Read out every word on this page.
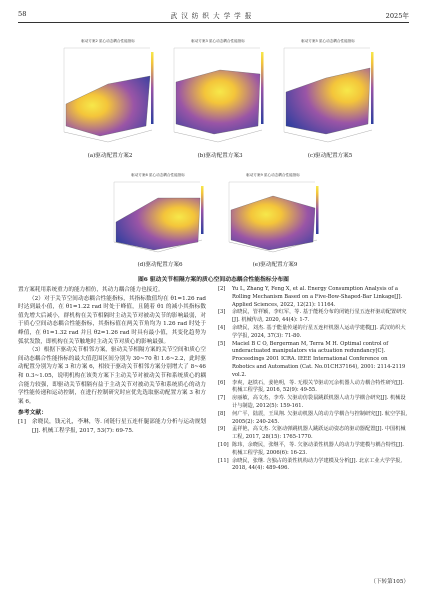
58	武汉纺织大学学报	2025年
驱动方案2 质心动态耦合性能指标	驱动方案3 质心动态耦合性能指标	驱动方案5 质心动态耦合性能指标
驱动方案6 质心动态耦合性能指标	驱动方案9 质心动态耦合性能指标
(a)驱动配置方案2	(b)驱动配置方案3	(c)驱动配置方案5
(d)驱动配置方案6	(e)驱动配置方案9
图6 驱动关节相隔方案的质心空间动态耦合性能指标分布图

置方案耗用系统重力的能力相仿，其动力耦合能力也接近。

（2）对于关节空间动态耦合性能指标，其指标数值均在 θ1=1.26 rad 时达到最小值，在 θ1=1.22 rad 时处于峰值，且随着 θ1 的减小其指标数值先增大后减小，群机构在关节相隔时主动关节对被动关节的影响最弱，对于质心空间动态耦合性能指标，其指标值在两关节角均为 1.26 rad 时处于峰值，在 θ1=1.32 rad 并且 θ2=1.26 rad 时具有最小值，其变化趋势为弧状发散，即机构在关节触地时主动关节对质心的影响最强。

（3）根据下驱动关节相邻方案，驱动关节相隔方案的关节空间和质心空间动态耦合性能指标的最大值范围区间分别为 30~70 和 1.6~2.2，此时驱动配置分别为方案 3 和方案 6，相较于驱动关节相邻方案分别增大了 8~46 和 0.3~1.05，说明机构在该类方案下主动关节对被动关节和系统质心的耦合能力较强，即驱动关节相隔有益于主动关节对被动关节和系统质心的动力学性能传递和运动控制，在进行控制研究时应优先选取驱动配置方案 3 和方案 6。

参考文献：
[1]	余晓民，钱元礼，李琳，等. 闭链行星五连杆腿部能力分析与运动规划[J]. 机械工程学报, 2017, 53(7): 69-75.
[2]	Yu L, Zhang Y, Feng X, et al. Energy Consumption Analysis of a Rolling Mechanism Based on a Five-Bow-Shaped-Bar Linkage[J]. Applied Sciences, 2022, 12(21): 11164.
[3]	余晓民，管祥颖，李红军，等. 基于能耗分布的闭链行星五连杆驱动配置研究[J]. 机械传动, 2020, 44(4): 1-7.
[4]	余晓民，刘杰. 基于能量传递的行星五连杆机器人运动学建模[J]. 武汉纺织大学学报, 2024, 37(3): 71-80.
[5]	Maciel B C O, Bergerman M, Terra M H. Optimal control of underactuated manipulators via actuation redundancy[C]. Proceedings 2001 ICRA. IEEE International Conference on Robotics and Automation (Cat. No.01CH37164), 2001: 2114-2119 vol.2.
[6]	李爽，赵铁石，姜艳明，等. 无根关节驱动冗余机器人动力耦合特性研究[J]. 机械工程学报, 2016, 52(9): 49-55.
[7]	房丽敏，高文杰，李寿. 欠驱动仿袋鼠跳跃机器人动力学耦合研究[J]. 机械设计与制造, 2012(5): 159-161.
[8]	何广平，陆震，王凤翔. 欠驱动机器人的动力学耦合与控制研究[J]. 航空学报, 2005(2): 240-245.
[9]	孟祥艳，高文杰. 欠驱动弹跳机器人跳跃运动姿态的驱动器配置[J]. 中国机械工程, 2017, 28(15): 1765-1770.
[10] 陈玮，余晓民，张继平，等. 欠驱动柔性机器人的动力学建模与耦合特性[J]. 机械工程学报, 2006(6): 16-23.
[11] 余晓民，张继. 含独占的柔性机构动力学建模及分析[J]. 北京工业大学学报, 2018, 44(4): 489-496.
（下转第105）
